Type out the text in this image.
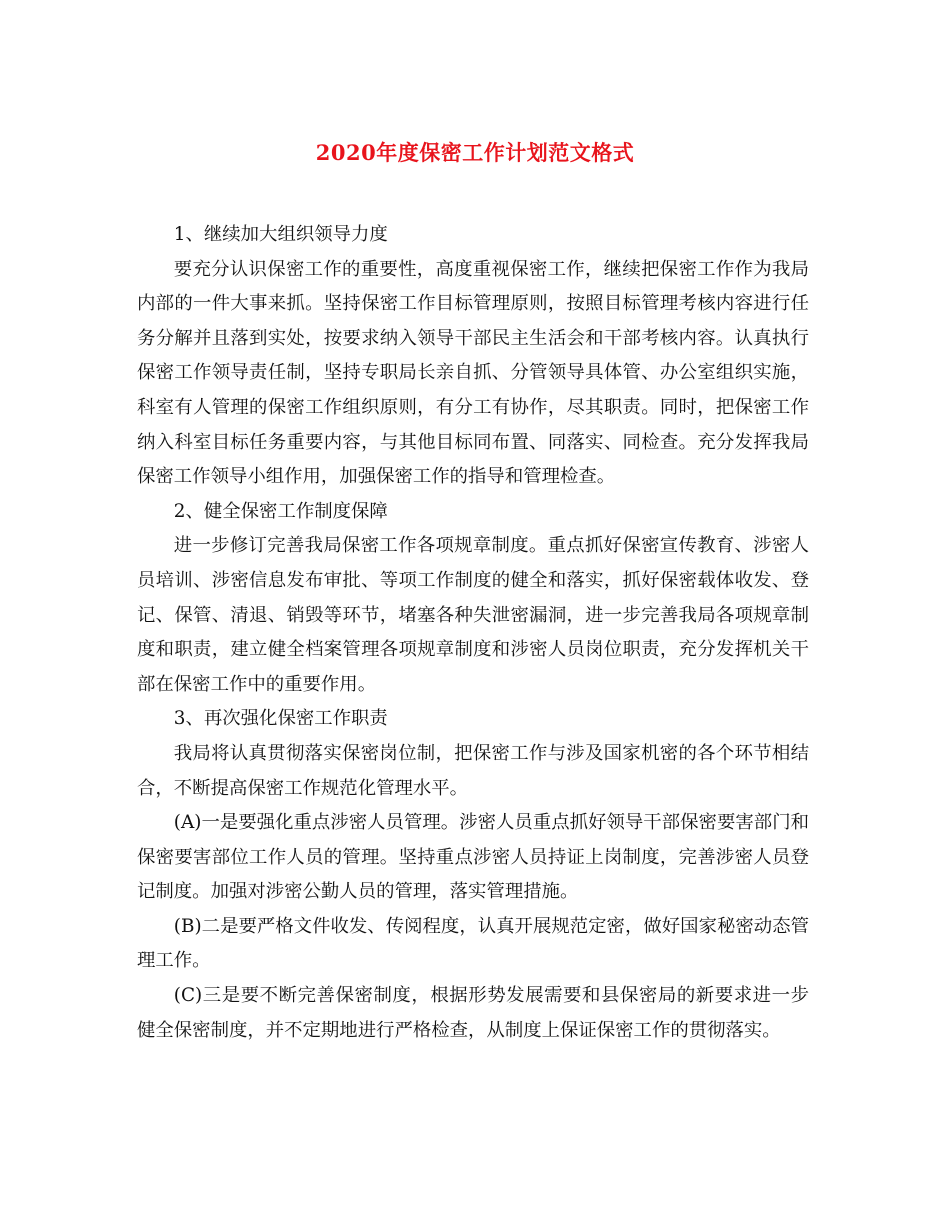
2020年度保密工作计划范文格式

1、继续加大组织领导力度

要充分认识保密工作的重要性，高度重视保密工作，继续把保密工作作为我局内部的一件大事来抓。坚持保密工作目标管理原则，按照目标管理考核内容进行任务分解并且落到实处，按要求纳入领导干部民主生活会和干部考核内容。认真执行保密工作领导责任制，坚持专职局长亲自抓、分管领导具体管、办公室组织实施，科室有人管理的保密工作组织原则，有分工有协作，尽其职责。同时，把保密工作纳入科室目标任务重要内容，与其他目标同布置、同落实、同检查。充分发挥我局保密工作领导小组作用，加强保密工作的指导和管理检查。

2、健全保密工作制度保障

进一步修订完善我局保密工作各项规章制度。重点抓好保密宣传教育、涉密人员培训、涉密信息发布审批、等项工作制度的健全和落实，抓好保密载体收发、登记、保管、清退、销毁等环节，堵塞各种失泄密漏洞，进一步完善我局各项规章制度和职责，建立健全档案管理各项规章制度和涉密人员岗位职责，充分发挥机关干部在保密工作中的重要作用。

3、再次强化保密工作职责

我局将认真贯彻落实保密岗位制，把保密工作与涉及国家机密的各个环节相结合，不断提高保密工作规范化管理水平。

(A)一是要强化重点涉密人员管理。涉密人员重点抓好领导干部保密要害部门和保密要害部位工作人员的管理。坚持重点涉密人员持证上岗制度，完善涉密人员登记制度。加强对涉密公勤人员的管理，落实管理措施。

(B)二是要严格文件收发、传阅程度，认真开展规范定密，做好国家秘密动态管理工作。

(C)三是要不断完善保密制度，根据形势发展需要和县保密局的新要求进一步健全保密制度，并不定期地进行严格检查，从制度上保证保密工作的贯彻落实。
